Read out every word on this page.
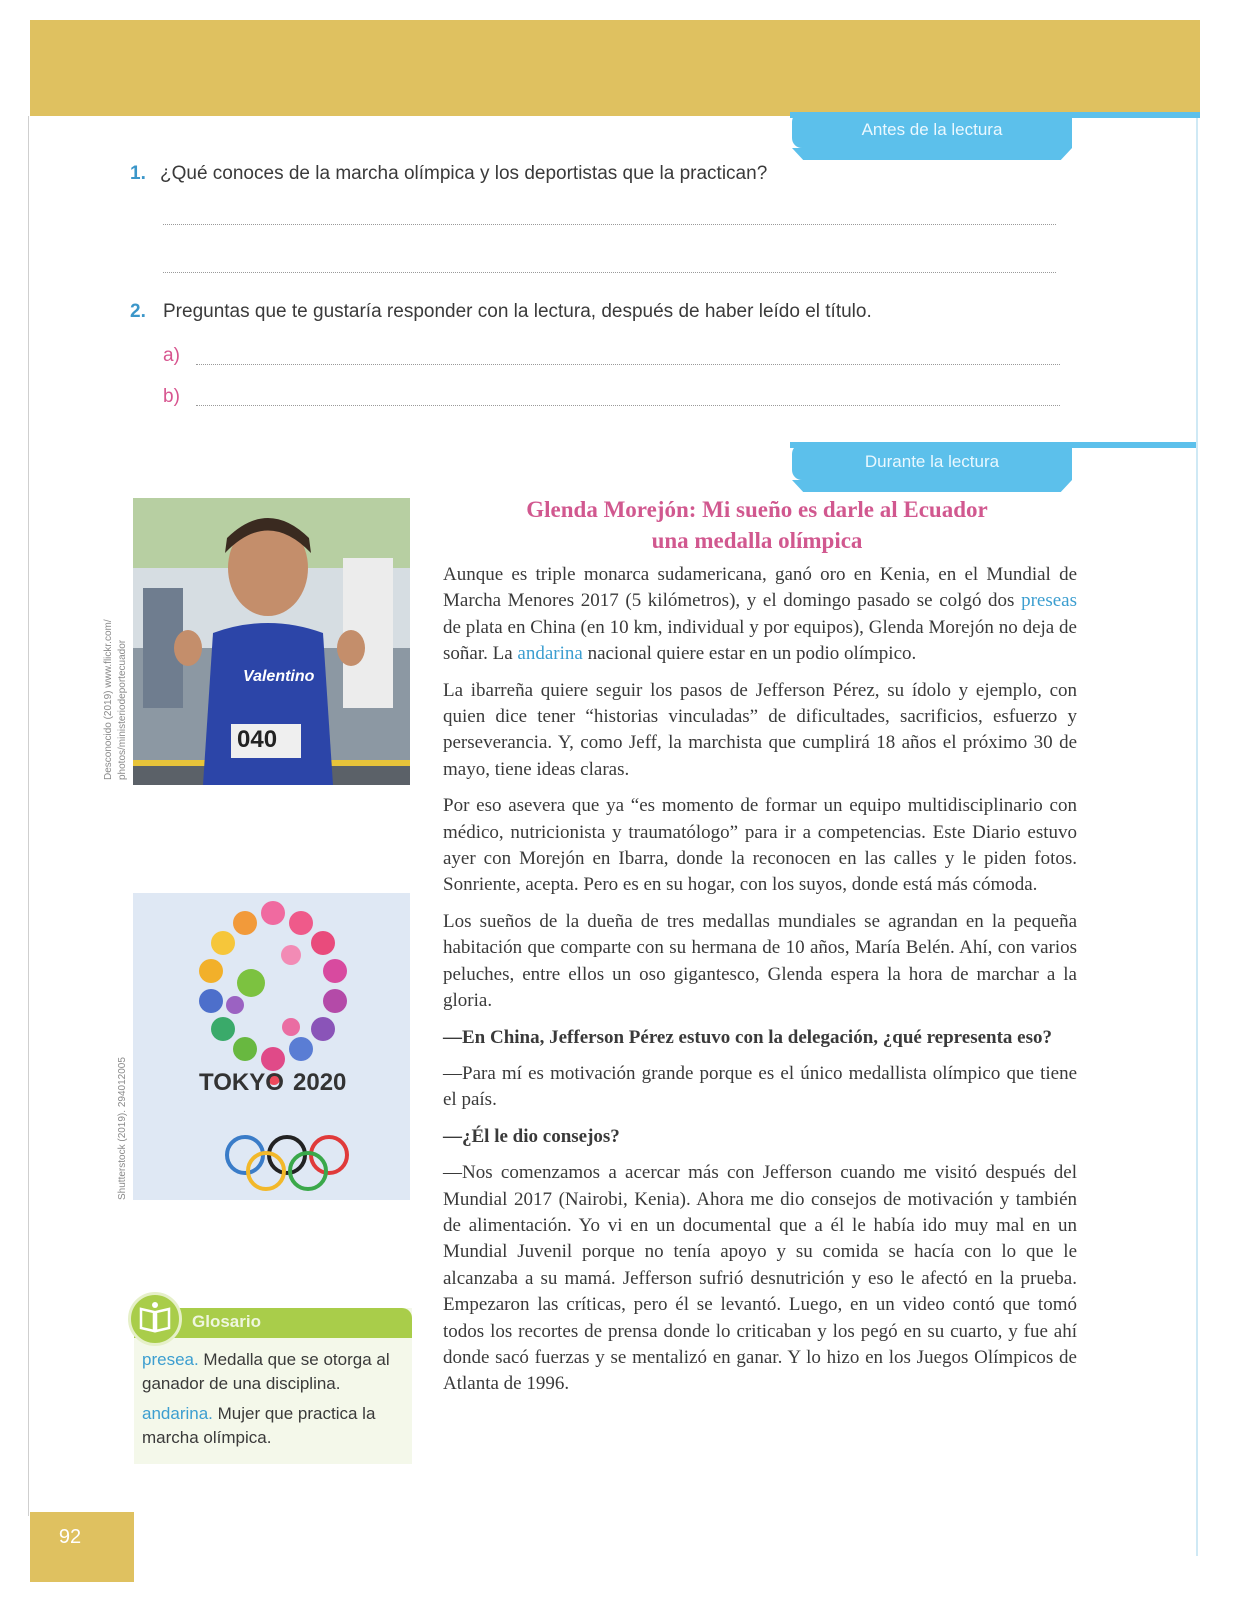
Antes de la lectura
1. ¿Qué conoces de la marcha olímpica y los deportistas que la practican?
2. Preguntas que te gustaría responder con la lectura, después de haber leído el título.
a)
b)
Durante la lectura
Valentino
040
Desconocido (2019) www.flickr.com/ photos/ministeriodeportecuador
TOKYO 2020
Shutterstock (2019). 294012005
Glenda Morejón: Mi sueño es darle al Ecuador
una medalla olímpica

Aunque es triple monarca sudamericana, ganó oro en Kenia, en el Mundial de Marcha Menores 2017 (5 kilómetros), y el domingo pasado se colgó dos preseas de plata en China (en 10 km, individual y por equipos), Glenda Morejón no deja de soñar. La andarina nacional quiere estar en un podio olímpico.

La ibarreña quiere seguir los pasos de Jefferson Pérez, su ídolo y ejemplo, con quien dice tener “historias vinculadas” de dificultades, sacrificios, esfuerzo y perseverancia. Y, como Jeff, la marchista que cumplirá 18 años el próximo 30 de mayo, tiene ideas claras.

Por eso asevera que ya “es momento de formar un equipo multidisciplinario con médico, nutricionista y traumatólogo” para ir a competencias. Este Diario estuvo ayer con Morejón en Ibarra, donde la reconocen en las calles y le piden fotos. Sonriente, acepta. Pero es en su hogar, con los suyos, donde está más cómoda.

Los sueños de la dueña de tres medallas mundiales se agrandan en la pequeña habitación que comparte con su hermana de 10 años, María Belén. Ahí, con varios peluches, entre ellos un oso gigantesco, Glenda espera la hora de marchar a la gloria.

—En China, Jefferson Pérez estuvo con la delegación, ¿qué representa eso?

—Para mí es motivación grande porque es el único medallista olímpico que tiene el país.

—¿Él le dio consejos?

—Nos comenzamos a acercar más con Jefferson cuando me visitó después del Mundial 2017 (Nairobi, Kenia). Ahora me dio consejos de motivación y también de alimentación. Yo vi en un documental que a él le había ido muy mal en un Mundial Juvenil porque no tenía apoyo y su comida se hacía con lo que le alcanzaba a su mamá. Jefferson sufrió desnutrición y eso le afectó en la prueba. Empezaron las críticas, pero él se levantó. Luego, en un video contó que tomó todos los recortes de prensa donde lo criticaban y los pegó en su cuarto, y fue ahí donde sacó fuerzas y se mentalizó en ganar. Y lo hizo en los Juegos Olímpicos de Atlanta de 1996.

Glosario

presea. Medalla que se otorga al ganador de una disciplina.

andarina. Mujer que practica la marcha olímpica.

92
